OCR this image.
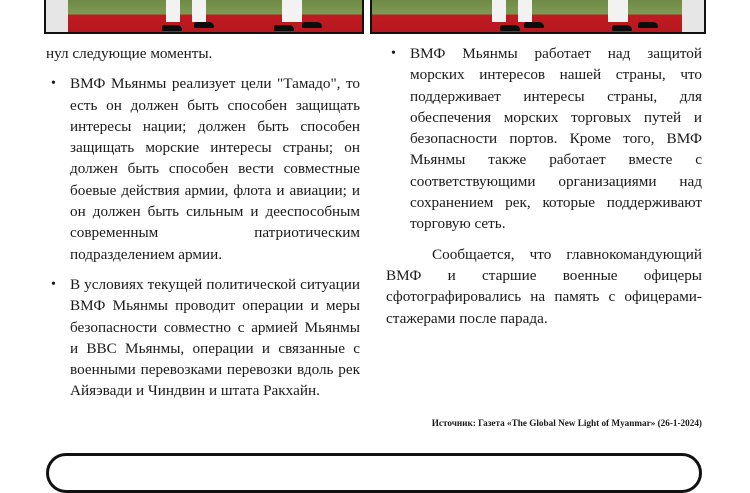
нул следующие моменты.

• ВМФ Мьянмы реализует цели "Тамадо", то есть он должен быть способен защищать интересы нации; должен быть способен защищать морские интересы страны; он должен быть способен вести совместные боевые действия армии, флота и авиации; и он должен быть сильным и дееспособным современным патриотическим подразделением армии.
• В условиях текущей политической ситуации ВМФ Мьянмы проводит операции и меры безопасности совместно с армией Мьянмы и ВВС Мьянмы, операции и связанные с военными перевозками перевозки вдоль рек Айяэвади и Чиндвин и штата Ракхайн.
• ВМФ Мьянмы работает над защитой морских интересов нашей страны, что поддерживает интересы страны, для обеспечения морских торговых путей и безопасности портов. Кроме того, ВМФ Мьянмы также работает вместе с соответствующими организациями над сохранением рек, которые поддерживают торговую сеть.

Сообщается, что главнокомандующий ВМФ и старшие военные офицеры сфотографировались на память с офицерами-стажерами после парада.

Источник: Газета «The Global New Light of Myanmar» (26-1-2024)
